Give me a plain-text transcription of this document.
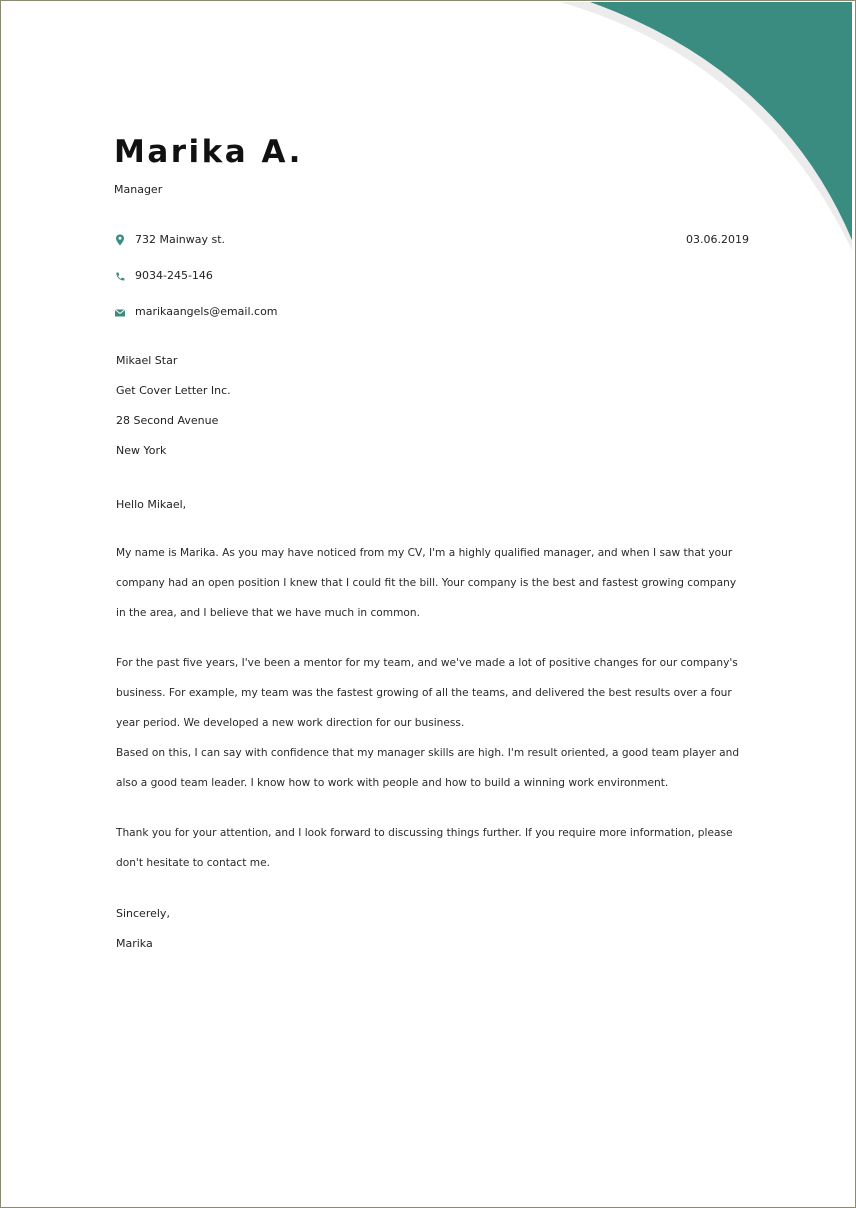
Marika A.
Manager
03.06.2019
732 Mainway st.
9034-245-146
marikaangels@email.com
Mikael Star
Get Cover Letter Inc.
28 Second Avenue
New York
Hello Mikael,
My name is Marika. As you may have noticed from my CV, I'm a highly qualified manager, and when I saw that your
company had an open position I knew that I could fit the bill. Your company is the best and fastest growing company
in the area, and I believe that we have much in common.
For the past five years, I've been a mentor for my team, and we've made a lot of positive changes for our company's
business. For example, my team was the fastest growing of all the teams, and delivered the best results over a four
year period. We developed a new work direction for our business.
Based on this, I can say with confidence that my manager skills are high. I'm result oriented, a good team player and
also a good team leader. I know how to work with people and how to build a winning work environment.
Thank you for your attention, and I look forward to discussing things further. If you require more information, please
don't hesitate to contact me.
Sincerely,
Marika
